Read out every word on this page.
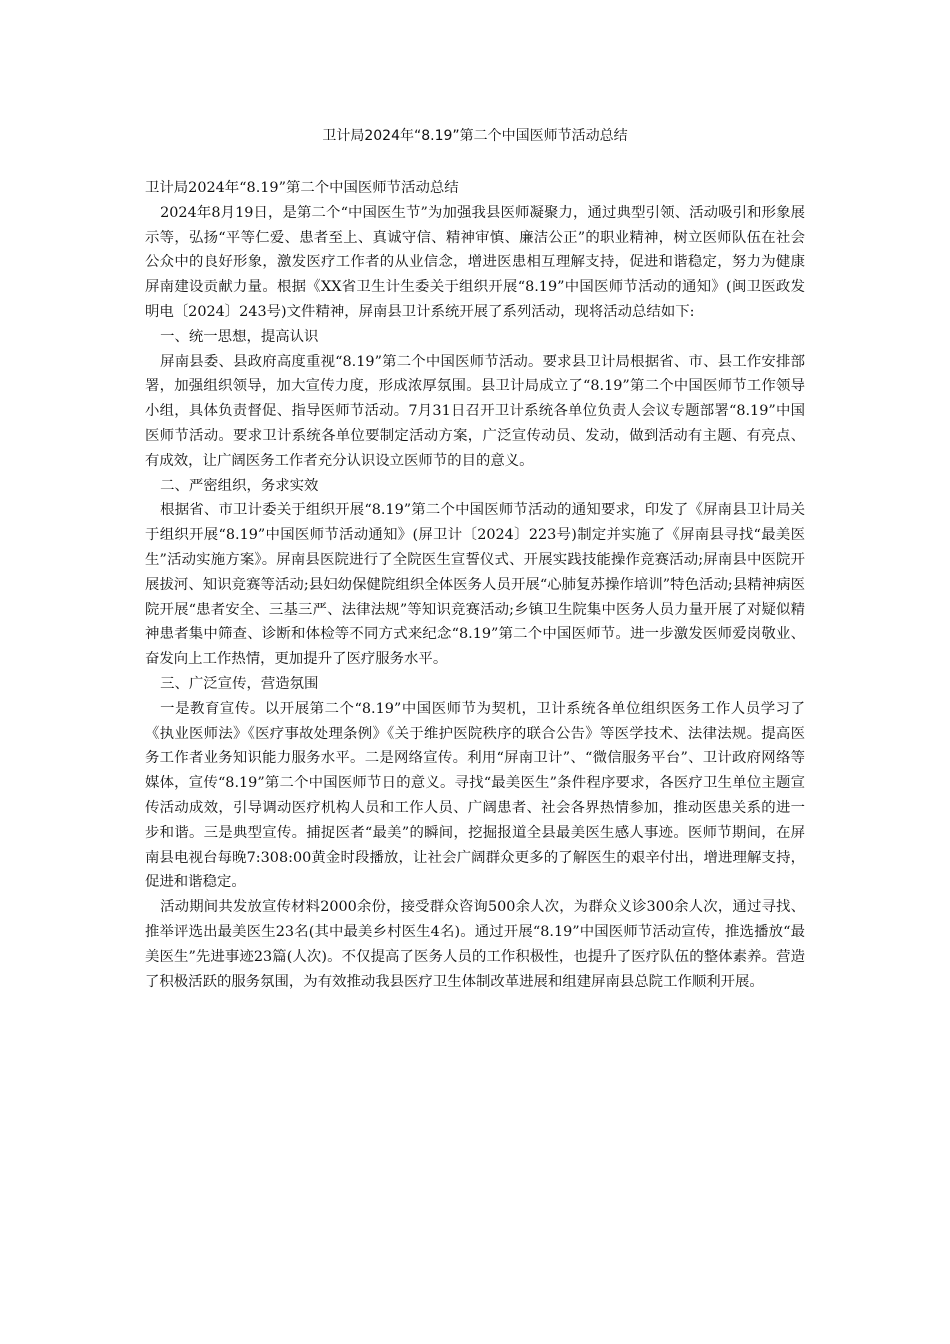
卫计局2024年“8.19”第二个中国医师节活动总结

卫计局2024年“8.19”第二个中国医师节活动总结

2024年8月19日，是第二个“中国医生节”为加强我县医师凝聚力，通过典型引领、活动吸引和形象展示等，弘扬“平等仁爱、患者至上、真诚守信、精神审慎、廉洁公正”的职业精神，树立医师队伍在社会公众中的良好形象，激发医疗工作者的从业信念，增进医患相互理解支持，促进和谐稳定，努力为健康屏南建设贡献力量。根据《XX省卫生计生委关于组织开展“8.19”中国医师节活动的通知》(闽卫医政发明电〔2024〕243号)文件精神，屏南县卫计系统开展了系列活动，现将活动总结如下:

一、统一思想，提高认识

屏南县委、县政府高度重视“8.19”第二个中国医师节活动。要求县卫计局根据省、市、县工作安排部署，加强组织领导，加大宣传力度，形成浓厚氛围。县卫计局成立了“8.19”第二个中国医师节工作领导小组，具体负责督促、指导医师节活动。7月31日召开卫计系统各单位负责人会议专题部署“8.19”中国医师节活动。要求卫计系统各单位要制定活动方案，广泛宣传动员、发动，做到活动有主题、有亮点、有成效，让广阔医务工作者充分认识设立医师节的目的意义。

二、严密组织，务求实效

根据省、市卫计委关于组织开展“8.19”第二个中国医师节活动的通知要求，印发了《屏南县卫计局关于组织开展“8.19”中国医师节活动通知》(屏卫计〔2024〕223号)制定并实施了《屏南县寻找“最美医生”活动实施方案》。屏南县医院进行了全院医生宣誓仪式、开展实践技能操作竞赛活动;屏南县中医院开展拔河、知识竞赛等活动;县妇幼保健院组织全体医务人员开展“心肺复苏操作培训”特色活动;县精神病医院开展“患者安全、三基三严、法律法规”等知识竞赛活动;乡镇卫生院集中医务人员力量开展了对疑似精神患者集中筛查、诊断和体检等不同方式来纪念“8.19”第二个中国医师节。进一步激发医师爱岗敬业、奋发向上工作热情，更加提升了医疗服务水平。

三、广泛宣传，营造氛围

一是教育宣传。以开展第二个“8.19”中国医师节为契机，卫计系统各单位组织医务工作人员学习了《执业医师法》《医疗事故处理条例》《关于维护医院秩序的联合公告》等医学技术、法律法规。提高医务工作者业务知识能力服务水平。二是网络宣传。利用“屏南卫计”、“微信服务平台”、卫计政府网络等媒体，宣传“8.19”第二个中国医师节日的意义。寻找“最美医生”条件程序要求，各医疗卫生单位主题宣传活动成效，引导调动医疗机构人员和工作人员、广阔患者、社会各界热情参加，推动医患关系的进一步和谐。三是典型宣传。捕捉医者“最美”的瞬间，挖掘报道全县最美医生感人事迹。医师节期间，在屏南县电视台每晚7:308:00黄金时段播放，让社会广阔群众更多的了解医生的艰辛付出，增进理解支持，促进和谐稳定。

活动期间共发放宣传材料2000余份，接受群众咨询500余人次，为群众义诊300余人次，通过寻找、推举评选出最美医生23名(其中最美乡村医生4名)。通过开展“8.19”中国医师节活动宣传，推选播放“最美医生”先进事迹23篇(人次)。不仅提高了医务人员的工作积极性，也提升了医疗队伍的整体素养。营造了积极活跃的服务氛围，为有效推动我县医疗卫生体制改革进展和组建屏南县总院工作顺利开展。
